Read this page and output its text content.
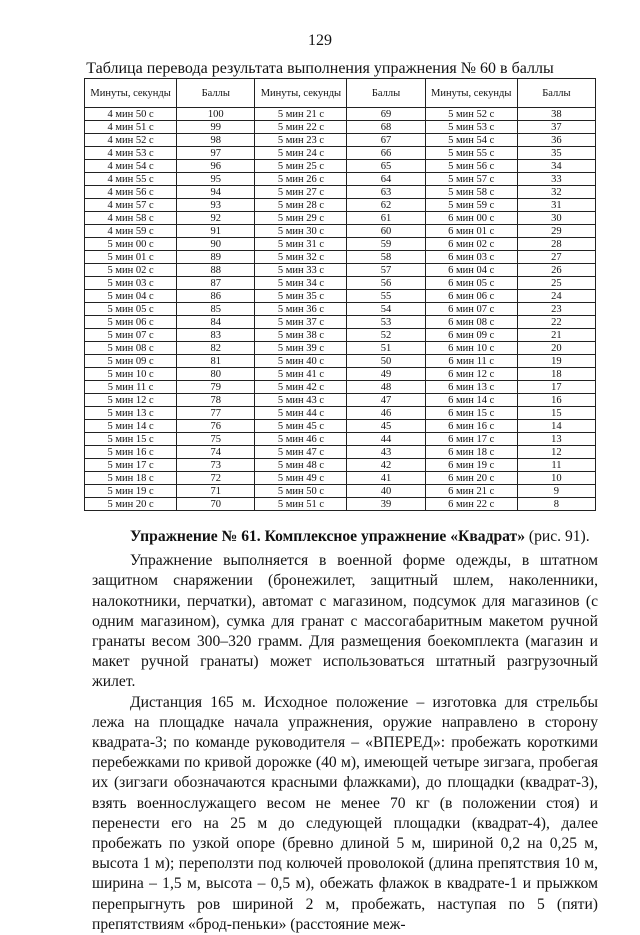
129
Таблица перевода результата выполнения упражнения № 60 в баллы
Минуты, секунды	Баллы	Минуты, секунды	Баллы	Минуты, секунды	Баллы
4 мин 50 с	100	5 мин 21 с	69	5 мин 52 с	38
4 мин 51 с	99	5 мин 22 с	68	5 мин 53 с	37
4 мин 52 с	98	5 мин 23 с	67	5 мин 54 с	36
4 мин 53 с	97	5 мин 24 с	66	5 мин 55 с	35
4 мин 54 с	96	5 мин 25 с	65	5 мин 56 с	34
4 мин 55 с	95	5 мин 26 с	64	5 мин 57 с	33
4 мин 56 с	94	5 мин 27 с	63	5 мин 58 с	32
4 мин 57 с	93	5 мин 28 с	62	5 мин 59 с	31
4 мин 58 с	92	5 мин 29 с	61	6 мин 00 с	30
4 мин 59 с	91	5 мин 30 с	60	6 мин 01 с	29
5 мин 00 с	90	5 мин 31 с	59	6 мин 02 с	28
5 мин 01 с	89	5 мин 32 с	58	6 мин 03 с	27
5 мин 02 с	88	5 мин 33 с	57	6 мин 04 с	26
5 мин 03 с	87	5 мин 34 с	56	6 мин 05 с	25
5 мин 04 с	86	5 мин 35 с	55	6 мин 06 с	24
5 мин 05 с	85	5 мин 36 с	54	6 мин 07 с	23
5 мин 06 с	84	5 мин 37 с	53	6 мин 08 с	22
5 мин 07 с	83	5 мин 38 с	52	6 мин 09 с	21
5 мин 08 с	82	5 мин 39 с	51	6 мин 10 с	20
5 мин 09 с	81	5 мин 40 с	50	6 мин 11 с	19
5 мин 10 с	80	5 мин 41 с	49	6 мин 12 с	18
5 мин 11 с	79	5 мин 42 с	48	6 мин 13 с	17
5 мин 12 с	78	5 мин 43 с	47	6 мин 14 с	16
5 мин 13 с	77	5 мин 44 с	46	6 мин 15 с	15
5 мин 14 с	76	5 мин 45 с	45	6 мин 16 с	14
5 мин 15 с	75	5 мин 46 с	44	6 мин 17 с	13
5 мин 16 с	74	5 мин 47 с	43	6 мин 18 с	12
5 мин 17 с	73	5 мин 48 с	42	6 мин 19 с	11
5 мин 18 с	72	5 мин 49 с	41	6 мин 20 с	10
5 мин 19 с	71	5 мин 50 с	40	6 мин 21 с	9
5 мин 20 с	70	5 мин 51 с	39	6 мин 22 с	8

Упражнение № 61. Комплексное упражнение «Квадрат» (рис. 91).

Упражнение выполняется в военной форме одежды, в штатном защитном снаряжении (бронежилет, защитный шлем, наколенники, налокотники, перчатки), автомат с магазином, подсумок для магазинов (с одним магазином), сумка для гранат с массогабаритным макетом ручной гранаты весом 300–320 грамм. Для размещения боекомплекта (магазин и макет ручной гранаты) может использоваться штатный разгрузочный жилет.

Дистанция 165 м. Исходное положение – изготовка для стрельбы лежа на площадке начала упражнения, оружие направлено в сторону квадрата-3; по команде руководителя – «ВПЕРЕД»: пробежать короткими перебежками по кривой дорожке (40 м), имеющей четыре зигзага, пробегая их (зигзаги обозначаются красными флажками), до площадки (квадрат-3), взять военнослужащего весом не менее 70 кг (в положении стоя) и перенести его на 25 м до следующей площадки (квадрат-4), далее пробежать по узкой опоре (бревно длиной 5 м, шириной 0,2 на 0,25 м, высота 1 м); переползти под колючей проволокой (длина препятствия 10 м, ширина – 1,5 м, высота – 0,5 м), обежать флажок в квадрате-1 и прыжком перепрыгнуть ров шириной 2 м, пробежать, наступая по 5 (пяти) препятствиям «брод-пеньки» (расстояние меж-
